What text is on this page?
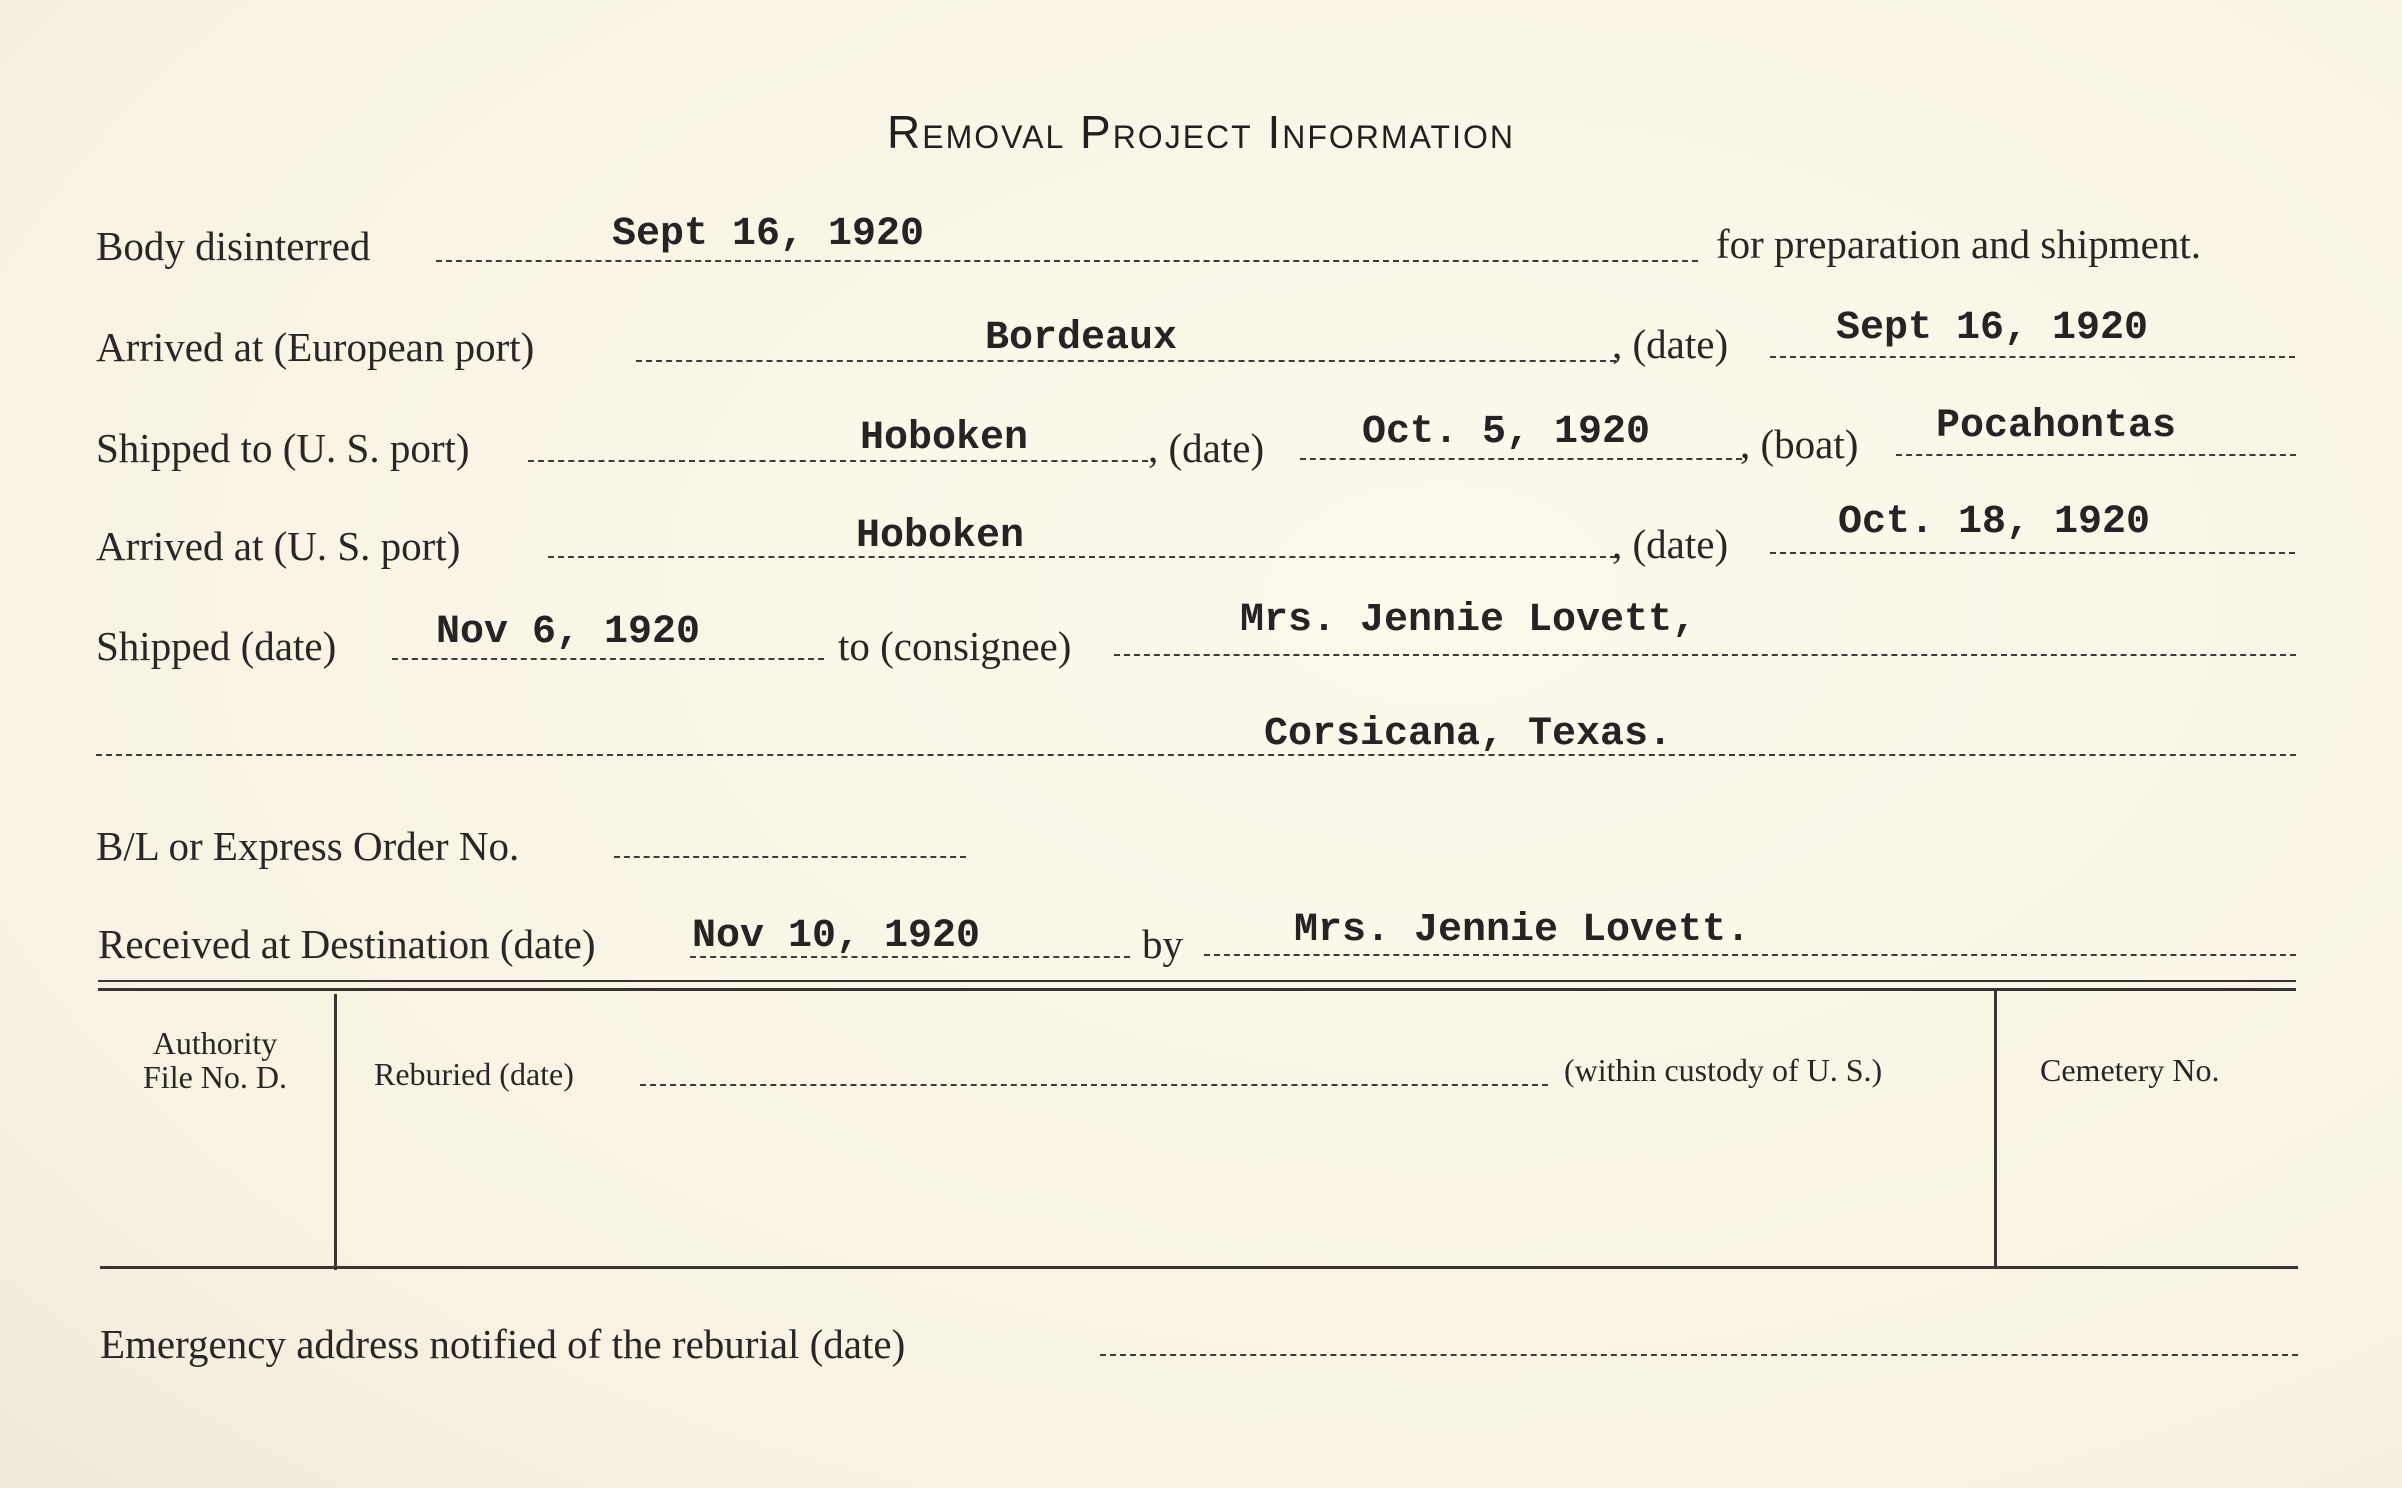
Removal Project Information
Body disinterred	Sept 16, 1920	for preparation and shipment.
Arrived at (European port)	Bordeaux	, (date)	Sept 16, 1920
Shipped to (U. S. port)	Hoboken	, (date) Oct. 5, 1920 , (boat) Pocahontas
Arrived at (U. S. port)	Hoboken	, (date)	Oct. 18, 1920
Shipped (date) Nov 6, 1920	to (consignee)
Mrs. Jennie Lovett,
Corsicana, Texas.
B/L or Express Order No.
Received at Destination (date) Nov 10, 1920	by	Mrs. Jennie Lovett.
Authority
File No. D.	Reburied (date)	(within custody of U. S.)	Cemetery No.
Emergency address notified of the reburial (date)
